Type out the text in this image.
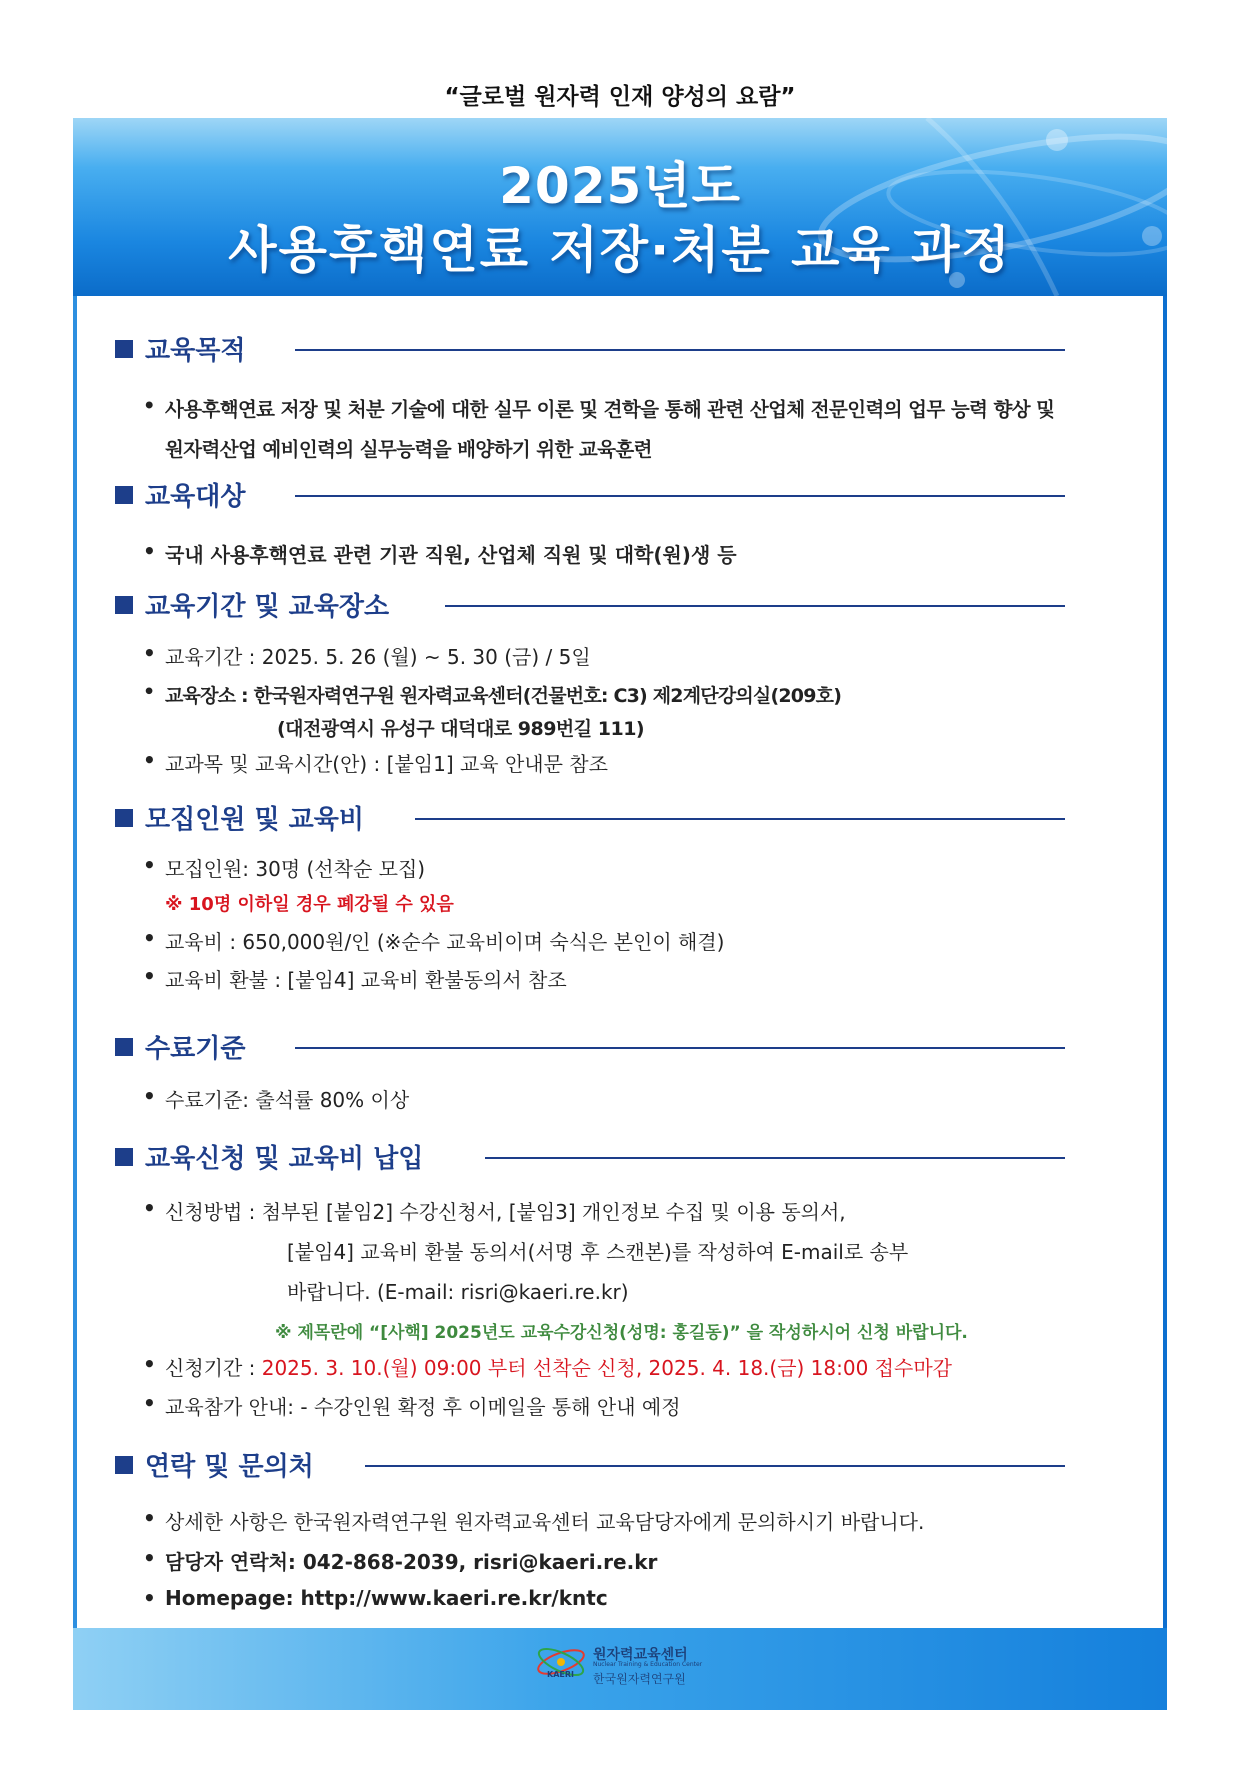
“글로벌 원자력 인재 양성의 요람”
2025년도
사용후핵연료 저장·처분 교육 과정
교육목적
• 사용후핵연료 저장 및 처분 기술에 대한 실무 이론 및 견학을 통해 관련 산업체 전문인력의 업무 능력 향상 및
원자력산업 예비인력의 실무능력을 배양하기 위한 교육훈련
교육대상
• 국내 사용후핵연료 관련 기관 직원, 산업체 직원 및 대학(원)생 등
교육기간 및 교육장소
• 교육기간 : 2025. 5. 26 (월) ~ 5. 30 (금) / 5일
• 교육장소 : 한국원자력연구원 원자력교육센터(건물번호: C3) 제2계단강의실(209호)
(대전광역시 유성구 대덕대로 989번길 111)
• 교과목 및 교육시간(안) : [붙임1] 교육 안내문 참조
모집인원 및 교육비
• 모집인원: 30명 (선착순 모집)
※ 10명 이하일 경우 폐강될 수 있음
• 교육비 : 650,000원/인 (※순수 교육비이며 숙식은 본인이 해결)
• 교육비 환불 : [붙임4] 교육비 환불동의서 참조
수료기준
• 수료기준: 출석률 80% 이상
교육신청 및 교육비 납입
• 신청방법 : 첨부된 [붙임2] 수강신청서, [붙임3] 개인정보 수집 및 이용 동의서,
[붙임4] 교육비 환불 동의서(서명 후 스캔본)를 작성하여 E-mail로 송부
바랍니다. (E-mail: risri@kaeri.re.kr)
※ 제목란에 “[사핵] 2025년도 교육수강신청(성명: 홍길동)” 을 작성하시어 신청 바랍니다.
• 신청기간 : 2025. 3. 10.(월) 09:00 부터 선착순 신청, 2025. 4. 18.(금) 18:00 접수마감
• 교육참가 안내: - 수강인원 확정 후 이메일을 통해 안내 예정
연락 및 문의처
• 상세한 사항은 한국원자력연구원 원자력교육센터 교육담당자에게 문의하시기 바랍니다.
• 담당자 연락처: 042-868-2039, risri@kaeri.re.kr
• Homepage: http://www.kaeri.re.kr/kntc
KAERI
원자력교육센터
Nuclear Training & Education Center
한국원자력연구원
